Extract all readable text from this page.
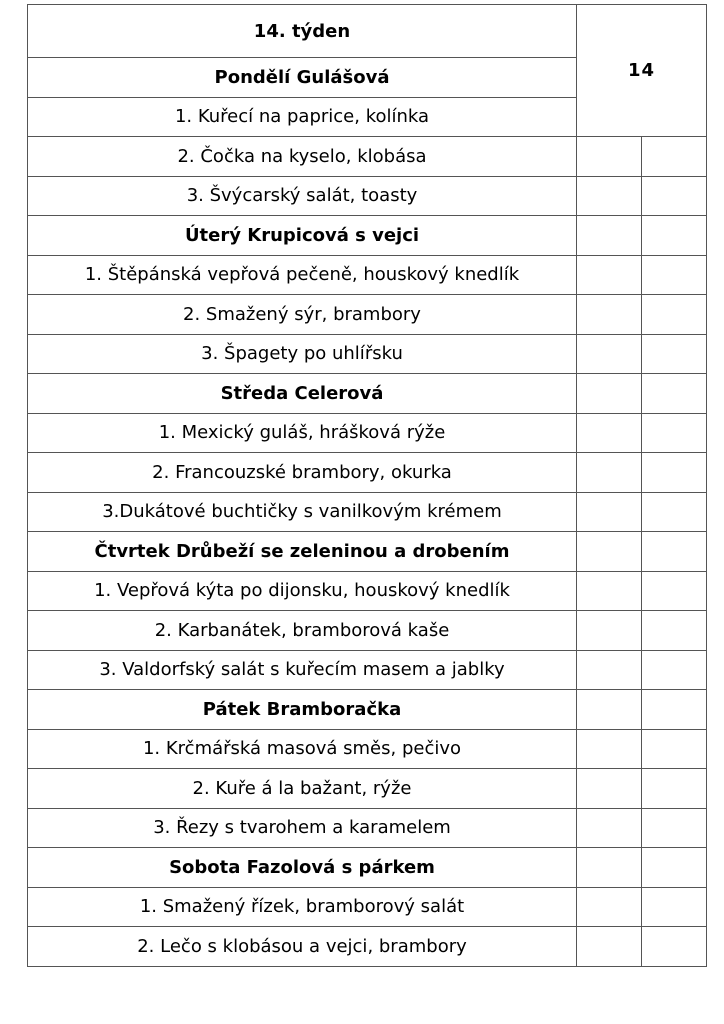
14. týden	14	
Pondělí Gulášová		
1. Kuřecí na paprice, kolínka		
2. Čočka na kyselo, klobása		
3. Švýcarský salát, toasty		
Úterý Krupicová s vejci		
1. Štěpánská vepřová pečeně, houskový knedlík		
2. Smažený sýr, brambory		
3. Špagety po uhlířsku		
Středa Celerová		
1. Mexický guláš, hrášková rýže		
2. Francouzské brambory, okurka		
3.Dukátové buchtičky s vanilkovým krémem		
Čtvrtek Drůbeží se zeleninou a drobením		
1. Vepřová kýta po dijonsku, houskový knedlík		
2. Karbanátek, bramborová kaše		
3. Valdorfský salát s kuřecím masem a jablky		
Pátek Bramboračka		
1. Krčmářská masová směs, pečivo		
2. Kuře á la bažant, rýže		
3. Řezy s tvarohem a karamelem		
Sobota Fazolová s párkem		
1. Smažený řízek, bramborový salát		
2. Lečo s klobásou a vejci, brambory		
